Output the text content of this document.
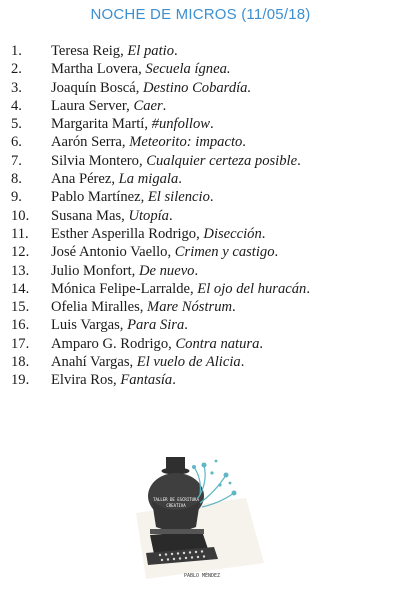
NOCHE DE MICROS (11/05/18)
1.	Teresa Reig, El patio .
2.	Martha Lovera, Secuela ígnea.
3.	Joaquín Boscá, Destino Cobardía.
4.	Laura Server, Caer .
5.	Margarita Martí, #unfollow .
6.	Aarón Serra, Meteorito: impacto .
7.	Silvia Montero, Cualquier certeza posible .
8.	Ana Pérez, La migala .
9.	Pablo Martínez, El silencio .
10.	Susana Mas, Utopía .
11.	Esther Asperilla Rodrigo, Disección .
12.	José Antonio Vaello, Crimen y castigo .
13.	Julio Monfort, De nuevo .
14.	Mónica Felipe-Larralde, El ojo del huracán .
15.	Ofelia Miralles, Mare Nóstrum .
16.	Luis Vargas, Para Sira .
17.	Amparo G. Rodrigo, Contra natura .
18.	Anahí Vargas, El vuelo de Alicia .
19.	Elvira Ros, Fantasía .
TALLER DE ESCRITURA
CREATIVA
PABLO MÉNDEZ
